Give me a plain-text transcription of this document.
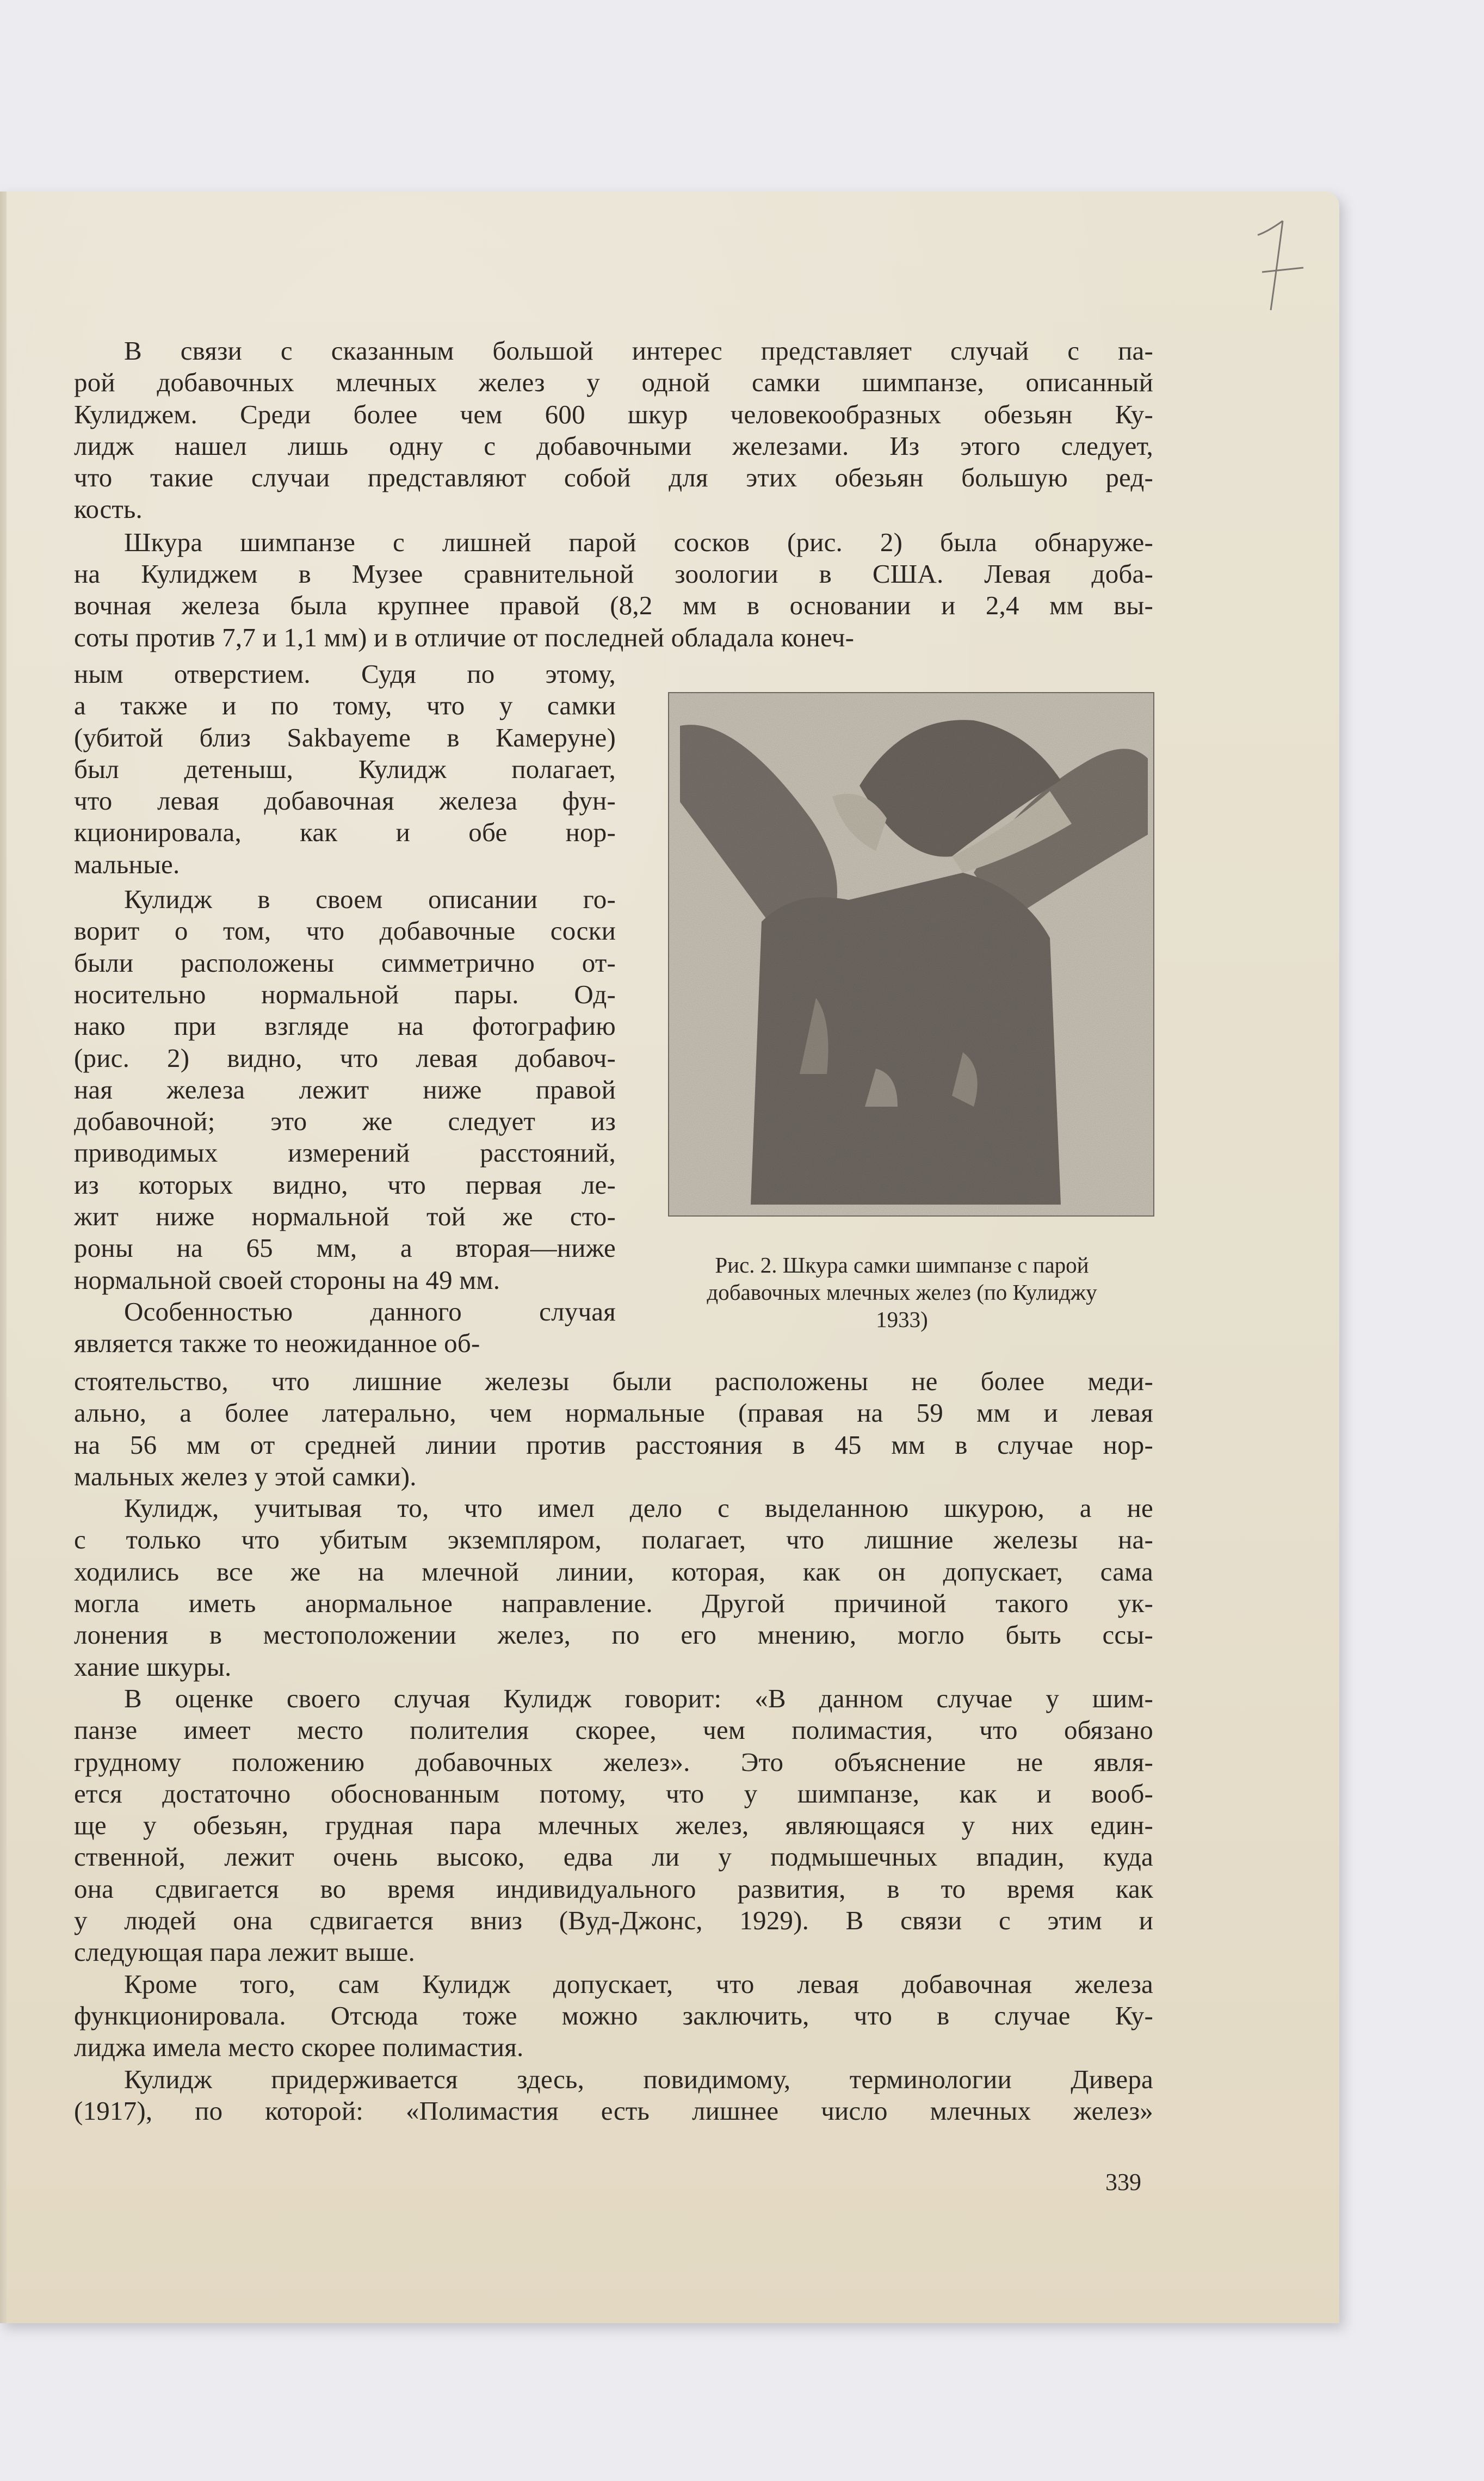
В связи с сказанным большой интерес представляет случай с па-
рой добавочных млечных желез у одной самки шимпанзе, описанный
Кулиджем. Среди более чем 600 шкур человекообразных обезьян Ку-
лидж нашел лишь одну с добавочными железами. Из этого следует,
что такие случаи представляют собой для этих обезьян большую ред-
кость.

Шкура шимпанзе с лишней парой сосков (рис. 2) была обнаруже-
на Кулиджем в Музее сравнительной зоологии в США. Левая доба-
вочная железа была крупнее правой (8,2 мм в основании и 2,4 мм вы-
соты против 7,7 и 1,1 мм) и в отличие от последней обладала конеч-

ным отверстием. Судя по этому,
а также и по тому, что у самки
(убитой близ Sakbayeme в Камеруне)
был детеныш, Кулидж полагает,
что левая добавочная железа фун-
кционировала, как и обе нор-
мальные.

Кулидж в своем описании го-
ворит о том, что добавочные соски
были расположены симметрично от-
носительно нормальной пары. Од-
нако при взгляде на фотографию
(рис. 2) видно, что левая добавоч-
ная железа лежит ниже правой
добавочной; это же следует из
приводимых измерений расстояний,
из которых видно, что первая ле-
жит ниже нормальной той же сто-
роны на 65 мм, а вторая—ниже
нормальной своей стороны на 49 мм.

Особенностью данного случая
является также то неожиданное об-

Рис. 2. Шкура самки шимпанзе с парой
добавочных млечных желез (по Кулиджу
1933)

стоятельство, что лишние железы были расположены не более меди-
ально, а более латерально, чем нормальные (правая на 59 мм и левая
на 56 мм от средней линии против расстояния в 45 мм в случае нор-
мальных желез у этой самки).

Кулидж, учитывая то, что имел дело с выделанною шкурою, а не
с только что убитым экземпляром, полагает, что лишние железы на-
ходились все же на млечной линии, которая, как он допускает, сама
могла иметь анормальное направление. Другой причиной такого ук-
лонения в местоположении желез, по его мнению, могло быть ссы-
хание шкуры.

В оценке своего случая Кулидж говорит: «В данном случае у шим-
панзе имеет место полителия скорее, чем полимастия, что обязано
грудному положению добавочных желез». Это объяснение не явля-
ется достаточно обоснованным потому, что у шимпанзе, как и вооб-
ще у обезьян, грудная пара млечных желез, являющаяся у них един-
ственной, лежит очень высоко, едва ли у подмышечных впадин, куда
она сдвигается во время индивидуального развития, в то время как
у людей она сдвигается вниз (Вуд-Джонс, 1929). В связи с этим и
следующая пара лежит выше.

Кроме того, сам Кулидж допускает, что левая добавочная железа
функционировала. Отсюда тоже можно заключить, что в случае Ку-
лиджа имела место скорее полимастия.

Кулидж придерживается здесь, повидимому, терминологии Дивера
(1917), по которой: «Полимастия есть лишнее число млечных желез»

339
